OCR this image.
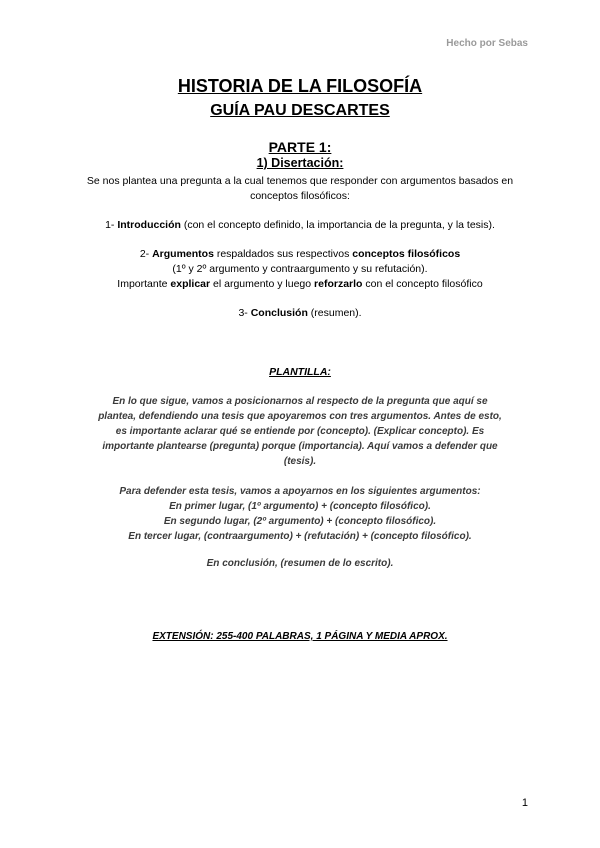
Hecho por Sebas
HISTORIA DE LA FILOSOFÍA
GUÍA PAU DESCARTES
PARTE 1:
1) Disertación:
Se nos plantea una pregunta a la cual tenemos que responder con argumentos basados en
conceptos filosóficos:
1- Introducción (con el concepto definido, la importancia de la pregunta, y la tesis).
2- Argumentos respaldados sus respectivos conceptos filosóficos
(1º y 2º argumento y contraargumento y su refutación).
Importante explicar el argumento y luego reforzarlo con el concepto filosófico
3- Conclusión (resumen).
PLANTILLA:
En lo que sigue, vamos a posicionarnos al respecto de la pregunta que aquí se
plantea, defendiendo una tesis que apoyaremos con tres argumentos. Antes de esto,
es importante aclarar qué se entiende por (concepto). (Explicar concepto). Es
importante plantearse (pregunta) porque (importancia). Aquí vamos a defender que
(tesis).
Para defender esta tesis, vamos a apoyarnos en los siguientes argumentos:
En primer lugar, (1º argumento) + (concepto filosófico).
En segundo lugar, (2º argumento) + (concepto filosófico).
En tercer lugar, (contraargumento) + (refutación) + (concepto filosófico).
En conclusión, (resumen de lo escrito).
EXTENSIÓN: 255-400 PALABRAS, 1 PÁGINA Y MEDIA APROX.
1
